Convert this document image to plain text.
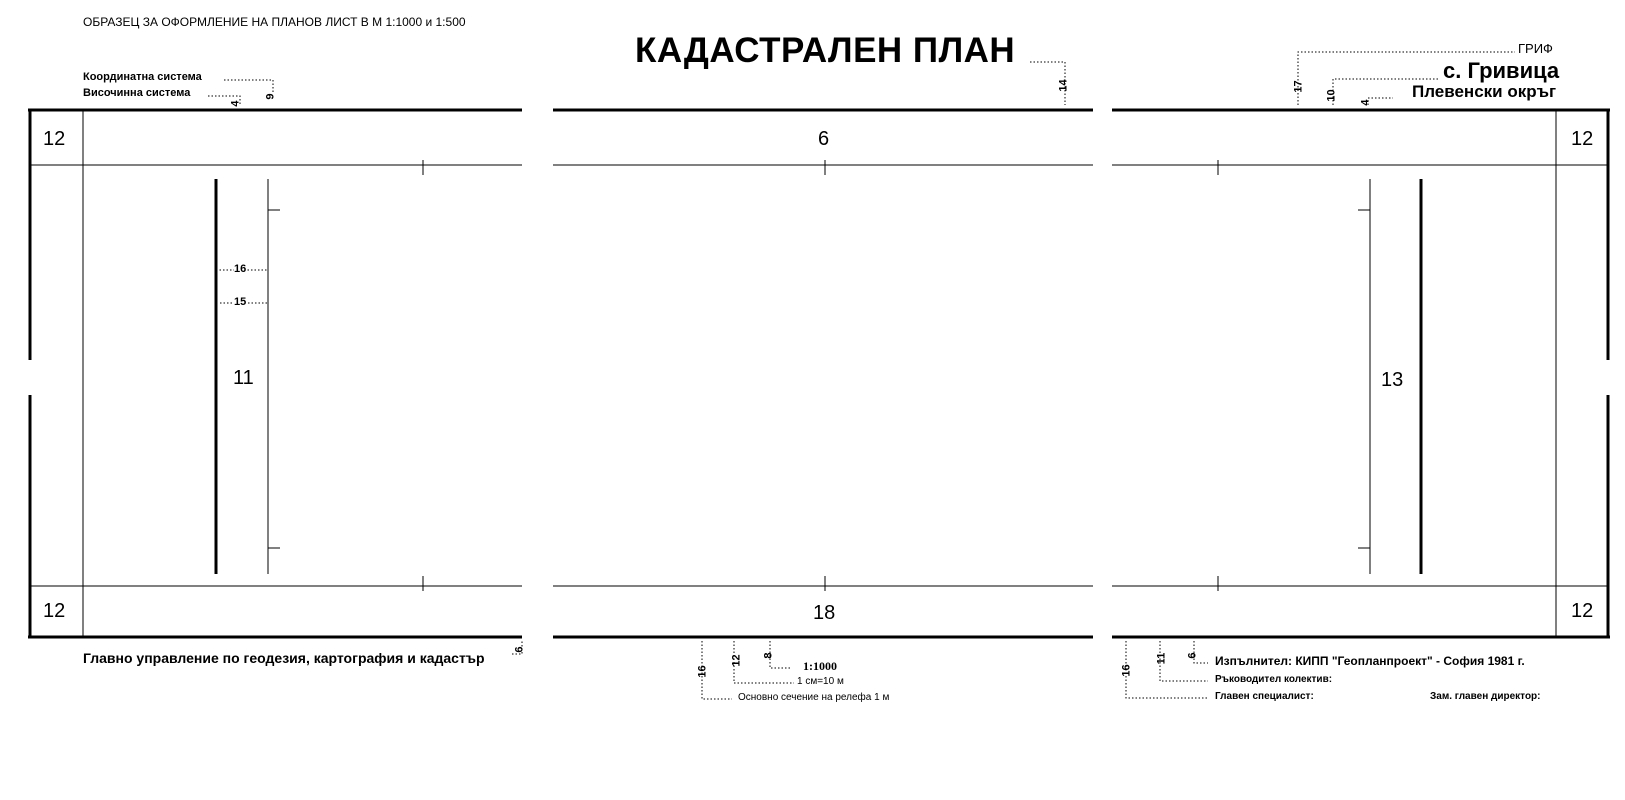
ОБРАЗЕЦ ЗА ОФОРМЛЕНИЕ НА ПЛАНОВ ЛИСТ В М 1:1000 и 1:500
КАДАСТРАЛЕН ПЛАН
Координатна система
Височинна система
ГРИФ
с. Гривица
Плевенски окръг
4
9
14	17
10
4
6
16
12 8
16
11 6
16
15
12	12
12	12
6
18
11	13
Главно управление по геодезия, картография и кадастър	1:1000
1 см=10 м
Основно сечение на релефа 1 м
Изпълнител: КИПП "Геопланпроект" - София 1981 г.
Ръководител колектив:
Главен специалист:	Зам. главен директор:
